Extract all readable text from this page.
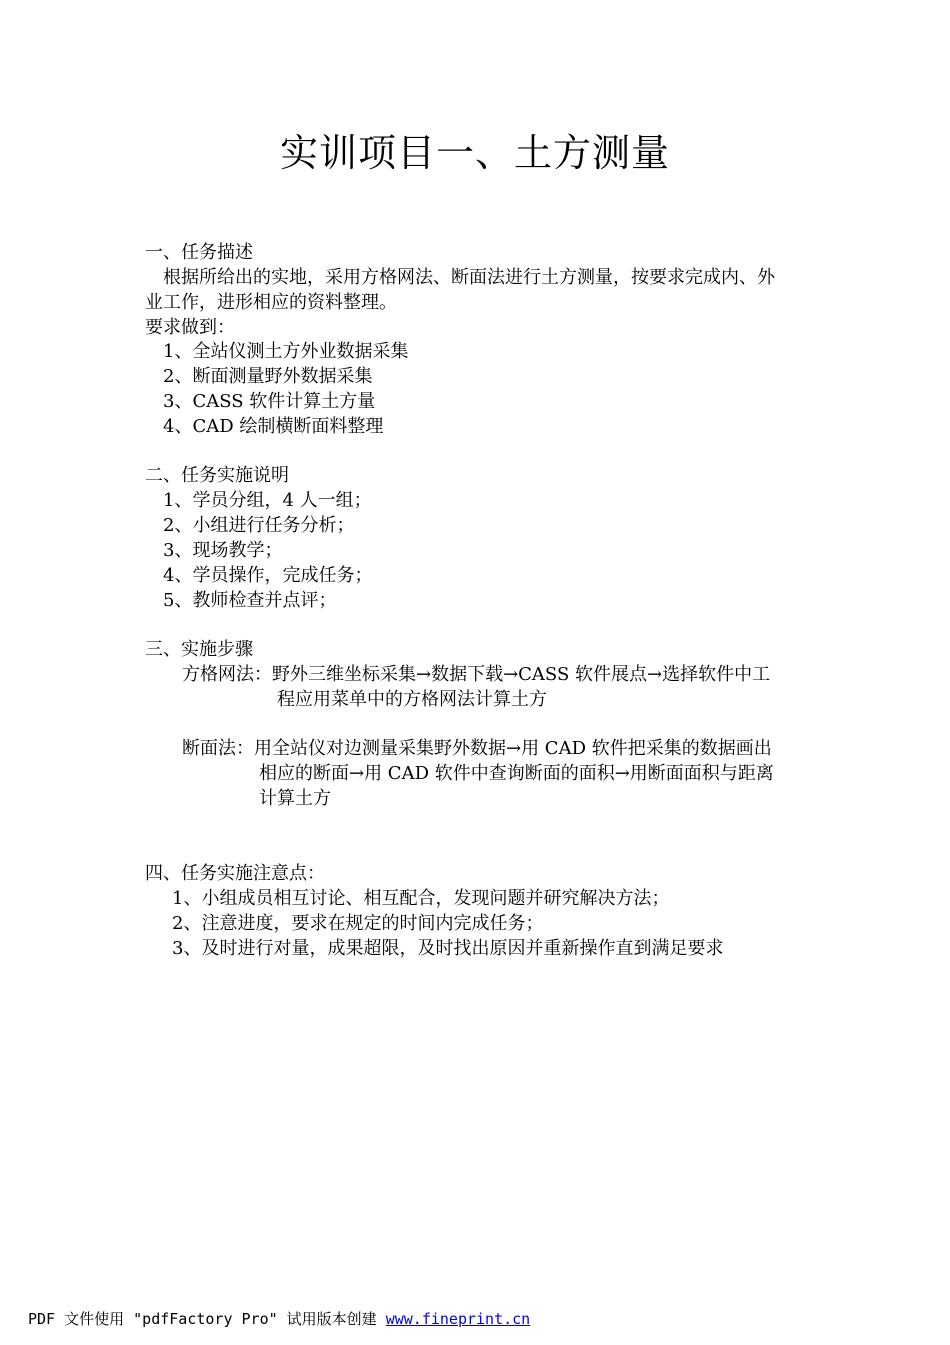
实训项目一、土方测量
一、任务描述
根据所给出的实地，采用方格网法、断面法进行土方测量，按要求完成内、外
业工作，进形相应的资料整理。
要求做到：
1、全站仪测土方外业数据采集
2、断面测量野外数据采集
3、CASS 软件计算土方量
4、CAD 绘制横断面料整理
二、任务实施说明
1、学员分组，4 人一组；
2、小组进行任务分析；
3、现场教学；
4、学员操作，完成任务；
5、教师检查并点评；
三、实施步骤
方格网法：野外三维坐标采集→数据下载→CASS 软件展点→选择软件中工
程应用菜单中的方格网法计算土方
断面法：用全站仪对边测量采集野外数据→用 CAD 软件把采集的数据画出
相应的断面→用 CAD 软件中查询断面的面积→用断面面积与距离
计算土方
四、任务实施注意点：
1、小组成员相互讨论、相互配合，发现问题并研究解决方法；
2、注意进度，要求在规定的时间内完成任务；
3、及时进行对量，成果超限，及时找出原因并重新操作直到满足要求
PDF 文件使用 "pdfFactory Pro" 试用版本创建 www.fineprint.cn
